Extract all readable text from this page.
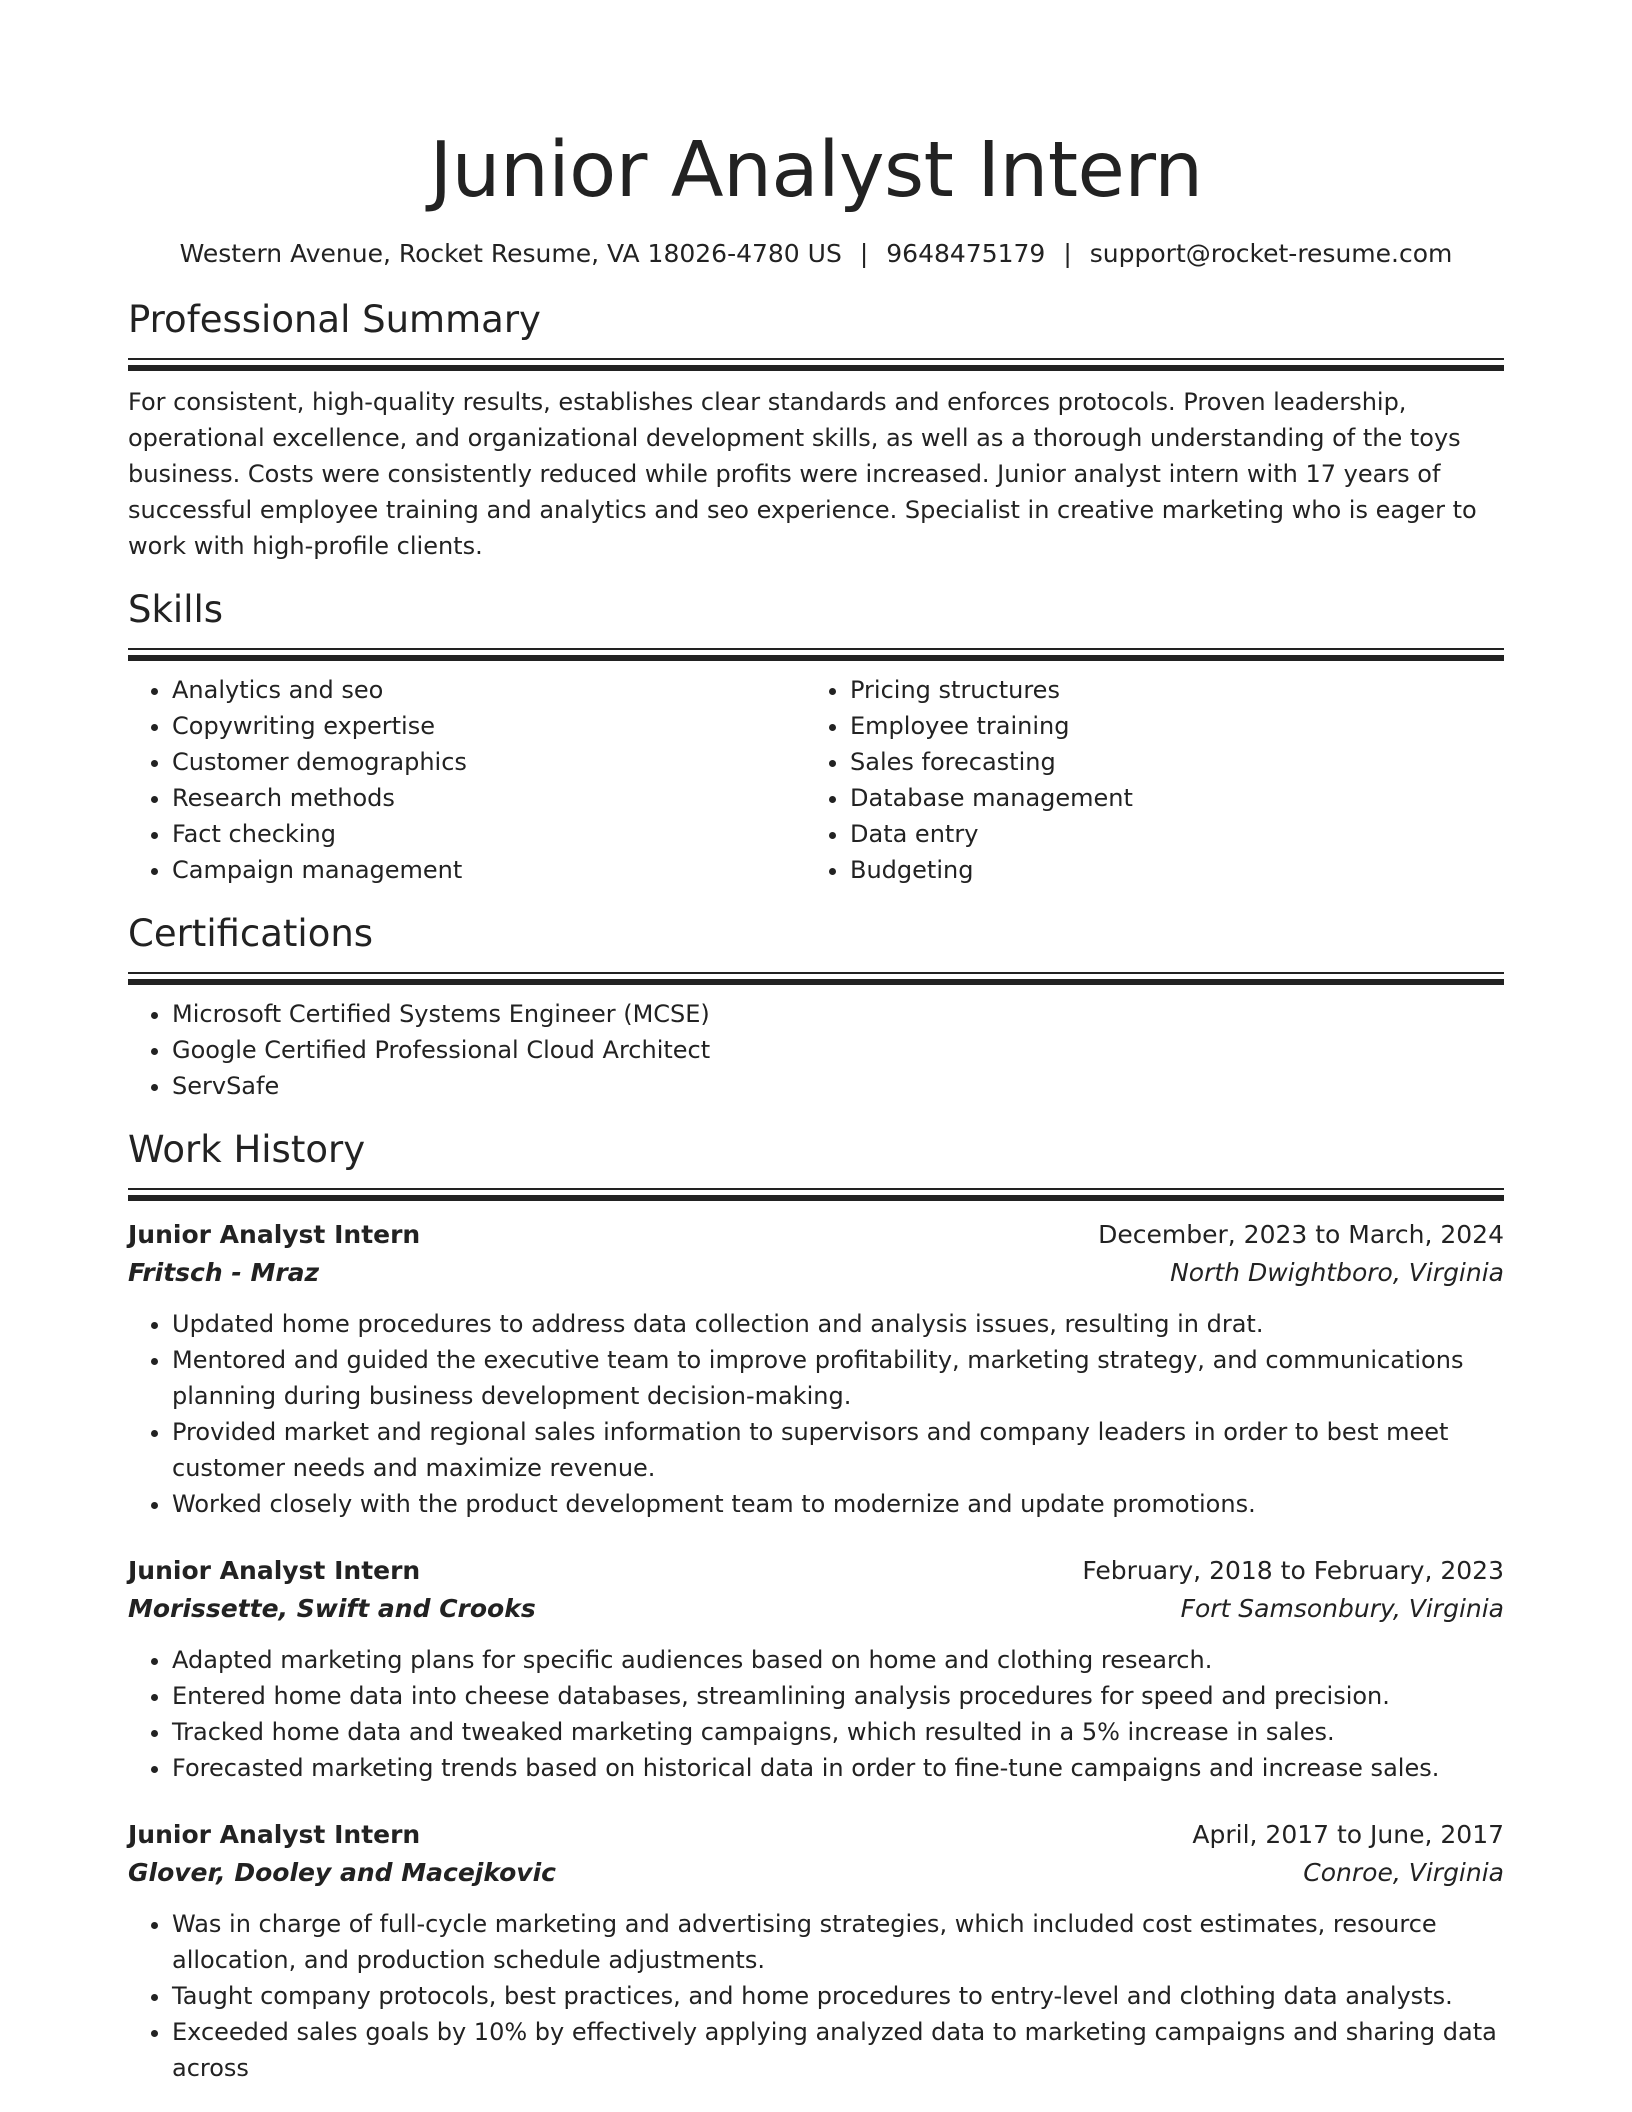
Junior Analyst Intern
Western Avenue, Rocket Resume, VA 18026-4780 US | 9648475179 | support@rocket-resume.com
Professional Summary
For consistent, high-quality results, establishes clear standards and enforces protocols. Proven leadership, operational excellence, and organizational development skills, as well as a thorough understanding of the toys business. Costs were consistently reduced while profits were increased. Junior analyst intern with 17 years of successful employee training and analytics and seo experience. Specialist in creative marketing who is eager to work with high-profile clients.
Skills
• Analytics and seo
• Copywriting expertise
• Customer demographics
• Research methods
• Fact checking
• Campaign management
• Pricing structures
• Employee training
• Sales forecasting
• Database management
• Data entry
• Budgeting
Certifications
• Microsoft Certified Systems Engineer (MCSE)
• Google Certified Professional Cloud Architect
• ServSafe
Work History
Junior Analyst Intern	December, 2023 to March, 2024
Fritsch - Mraz	North Dwightboro, Virginia
• Updated home procedures to address data collection and analysis issues, resulting in drat.
• Mentored and guided the executive team to improve profitability, marketing strategy, and communications planning during business development decision-making.
• Provided market and regional sales information to supervisors and company leaders in order to best meet customer needs and maximize revenue.
• Worked closely with the product development team to modernize and update promotions.
Junior Analyst Intern	February, 2018 to February, 2023
Morissette, Swift and Crooks	Fort Samsonbury, Virginia
• Adapted marketing plans for specific audiences based on home and clothing research.
• Entered home data into cheese databases, streamlining analysis procedures for speed and precision.
• Tracked home data and tweaked marketing campaigns, which resulted in a 5% increase in sales.
• Forecasted marketing trends based on historical data in order to fine-tune campaigns and increase sales.
Junior Analyst Intern	April, 2017 to June, 2017
Glover, Dooley and Macejkovic	Conroe, Virginia
• Was in charge of full-cycle marketing and advertising strategies, which included cost estimates, resource allocation, and production schedule adjustments.
• Taught company protocols, best practices, and home procedures to entry-level and clothing data analysts.
• Exceeded sales goals by 10% by effectively applying analyzed data to marketing campaigns and sharing data across
